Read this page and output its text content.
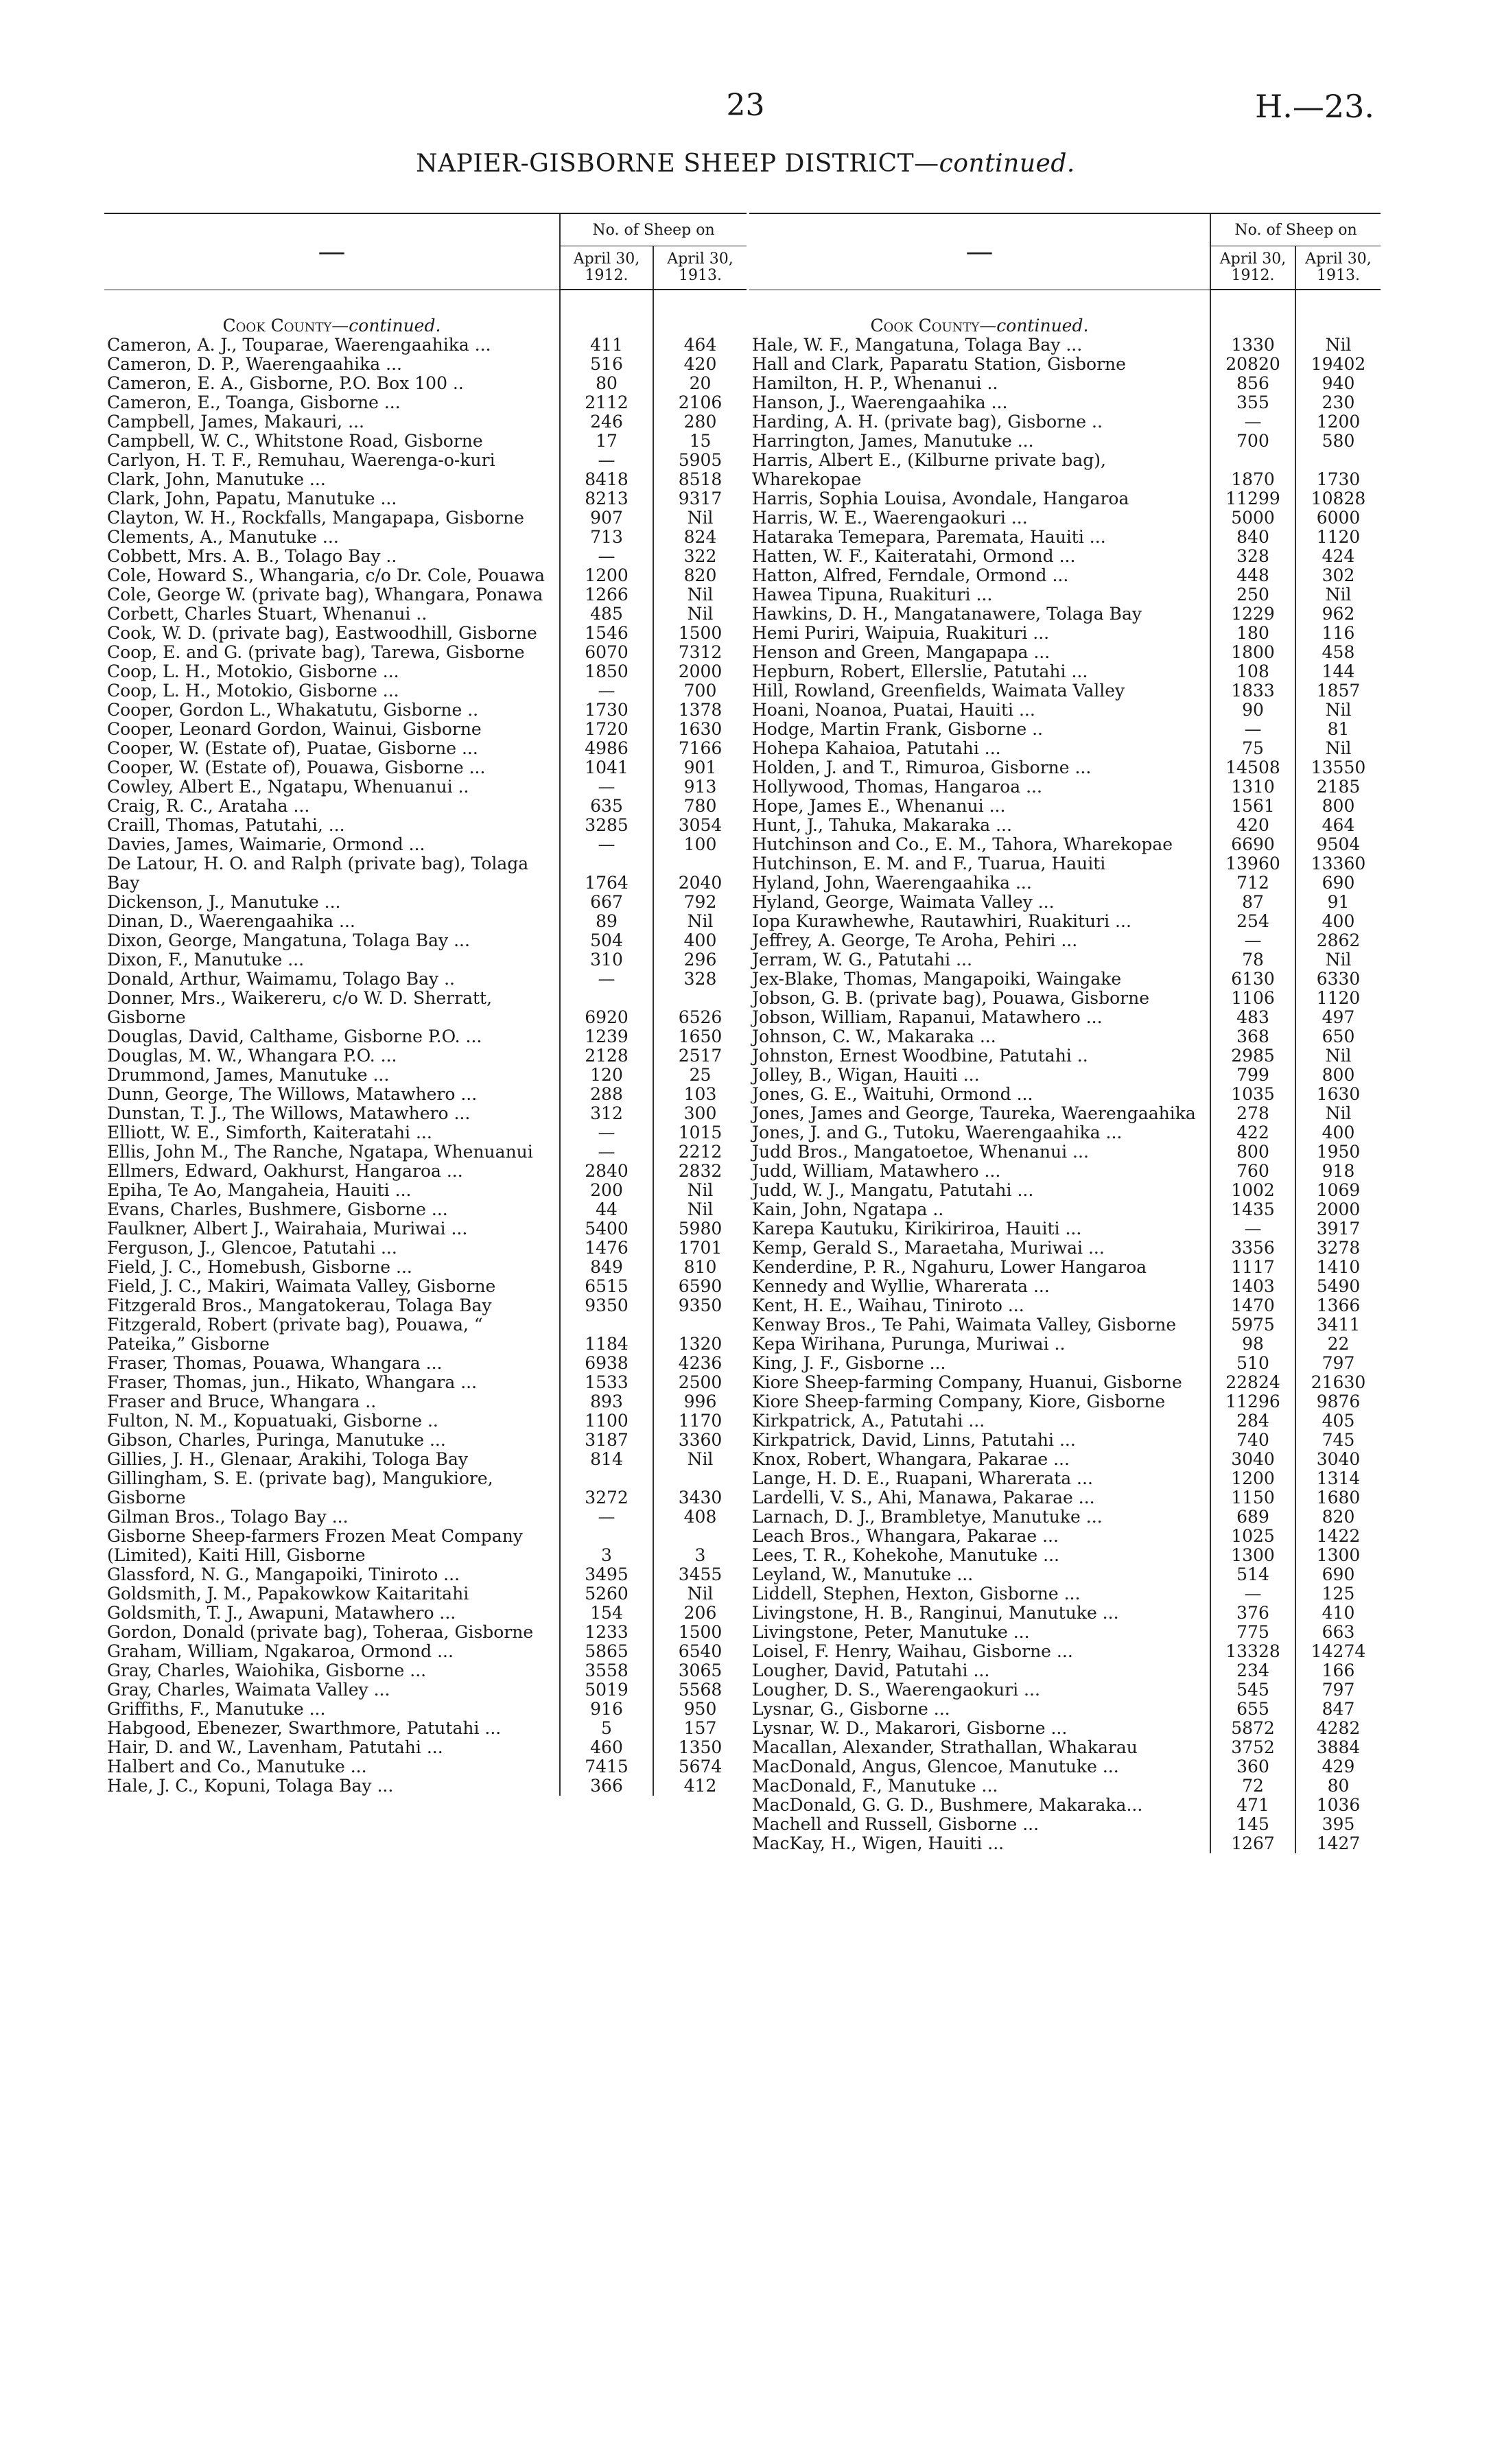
23	H.—23.
NAPIER-GISBORNE SHEEP DISTRICT—continued.
—	No. of Sheep on	
	April 30, 1912.	April 30, 1913.
Cook County—continued.		
Cameron, A. J., Touparae, Waerengaahika ...	411	464
Cameron, D. P., Waerengaahika ...	516	420
Cameron, E. A., Gisborne, P.O. Box 100 ..	80	20
Cameron, E., Toanga, Gisborne ...	2112	2106
Campbell, James, Makauri, ...	246	280
Campbell, W. C., Whitstone Road, Gisborne	17	15
Carlyon, H. T. F., Remuhau, Waerenga-o-kuri	—	5905
Clark, John, Manutuke ...	8418	8518
Clark, John, Papatu, Manutuke ...	8213	9317
Clayton, W. H., Rockfalls, Mangapapa, Gisborne	907	Nil
Clements, A., Manutuke ...	713	824
Cobbett, Mrs. A. B., Tolago Bay ..	—	322
Cole, Howard S., Whangaria, c/o Dr. Cole, Pouawa	1200	820
Cole, George W. (private bag), Whangara, Ponawa	1266	Nil
Corbett, Charles Stuart, Whenanui ..	485	Nil
Cook, W. D. (private bag), Eastwoodhill, Gisborne	1546	1500
Coop, E. and G. (private bag), Tarewa, Gisborne	6070	7312
Coop, L. H., Motokio, Gisborne ...	1850	2000
Coop, L. H., Motokio, Gisborne ...	—	700
Cooper, Gordon L., Whakatutu, Gisborne ..	1730	1378
Cooper, Leonard Gordon, Wainui, Gisborne	1720	1630
Cooper, W. (Estate of), Puatae, Gisborne ...	4986	7166
Cooper, W. (Estate of), Pouawa, Gisborne ...	1041	901
Cowley, Albert E., Ngatapu, Whenuanui ..	—	913
Craig, R. C., Arataha ...	635	780
Craill, Thomas, Patutahi, ...	3285	3054
Davies, James, Waimarie, Ormond ...	—	100
De Latour, H. O. and Ralph (private bag), Tolaga Bay	1764	2040
Dickenson, J., Manutuke ...	667	792
Dinan, D., Waerengaahika ...	89	Nil
Dixon, George, Mangatuna, Tolaga Bay ...	504	400
Dixon, F., Manutuke ...	310	296
Donald, Arthur, Waimamu, Tolago Bay ..	—	328
Donner, Mrs., Waikereru, c/o W. D. Sherratt, Gisborne	6920	6526
Douglas, David, Calthame, Gisborne P.O. ...	1239	1650
Douglas, M. W., Whangara P.O. ...	2128	2517
Drummond, James, Manutuke ...	120	25
Dunn, George, The Willows, Matawhero ...	288	103
Dunstan, T. J., The Willows, Matawhero ...	312	300
Elliott, W. E., Simforth, Kaiteratahi ...	—	1015
Ellis, John M., The Ranche, Ngatapa, Whenuanui	—	2212
Ellmers, Edward, Oakhurst, Hangaroa ...	2840	2832
Epiha, Te Ao, Mangaheia, Hauiti ...	200	Nil
Evans, Charles, Bushmere, Gisborne ...	44	Nil
Faulkner, Albert J., Wairahaia, Muriwai ...	5400	5980
Ferguson, J., Glencoe, Patutahi ...	1476	1701
Field, J. C., Homebush, Gisborne ...	849	810
Field, J. C., Makiri, Waimata Valley, Gisborne	6515	6590
Fitzgerald Bros., Mangatokerau, Tolaga Bay	9350	9350
Fitzgerald, Robert (private bag), Pouawa, “ Pateika,” Gisborne	1184	1320
Fraser, Thomas, Pouawa, Whangara ...	6938	4236
Fraser, Thomas, jun., Hikato, Whangara ...	1533	2500
Fraser and Bruce, Whangara ..	893	996
Fulton, N. M., Kopuatuaki, Gisborne ..	1100	1170
Gibson, Charles, Puringa, Manutuke ...	3187	3360
Gillies, J. H., Glenaar, Arakihi, Tologa Bay	814	Nil
Gillingham, S. E. (private bag), Mangukiore, Gisborne	3272	3430
Gilman Bros., Tolago Bay ...	—	408
Gisborne Sheep-farmers Frozen Meat Company (Limited), Kaiti Hill, Gisborne	3	3
Glassford, N. G., Mangapoiki, Tiniroto ...	3495	3455
Goldsmith, J. M., Papakowkow Kaitaritahi	5260	Nil
Goldsmith, T. J., Awapuni, Matawhero ...	154	206
Gordon, Donald (private bag), Toheraa, Gisborne	1233	1500
Graham, William, Ngakaroa, Ormond ...	5865	6540
Gray, Charles, Waiohika, Gisborne ...	3558	3065
Gray, Charles, Waimata Valley ...	5019	5568
Griffiths, F., Manutuke ...	916	950
Habgood, Ebenezer, Swarthmore, Patutahi ...	5	157
Hair, D. and W., Lavenham, Patutahi ...	460	1350
Halbert and Co., Manutuke ...	7415	5674
Hale, J. C., Kopuni, Tolaga Bay ...	366	412
—	No. of Sheep on	
	April 30, 1912.	April 30, 1913.
Cook County—continued.		
Hale, W. F., Mangatuna, Tolaga Bay ...	1330	Nil
Hall and Clark, Paparatu Station, Gisborne	20820	19402
Hamilton, H. P., Whenanui ..	856	940
Hanson, J., Waerengaahika ...	355	230
Harding, A. H. (private bag), Gisborne ..	—	1200
Harrington, James, Manutuke ...	700	580
Harris, Albert E., (Kilburne private bag), Wharekopae	1870	1730
Harris, Sophia Louisa, Avondale, Hangaroa	11299	10828
Harris, W. E., Waerengaokuri ...	5000	6000
Hataraka Temepara, Paremata, Hauiti ...	840	1120
Hatten, W. F., Kaiteratahi, Ormond ...	328	424
Hatton, Alfred, Ferndale, Ormond ...	448	302
Hawea Tipuna, Ruakituri ...	250	Nil
Hawkins, D. H., Mangatanawere, Tolaga Bay	1229	962
Hemi Puriri, Waipuia, Ruakituri ...	180	116
Henson and Green, Mangapapa ...	1800	458
Hepburn, Robert, Ellerslie, Patutahi ...	108	144
Hill, Rowland, Greenfields, Waimata Valley	1833	1857
Hoani, Noanoa, Puatai, Hauiti ...	90	Nil
Hodge, Martin Frank, Gisborne ..	—	81
Hohepa Kahaioa, Patutahi ...	75	Nil
Holden, J. and T., Rimuroa, Gisborne ...	14508	13550
Hollywood, Thomas, Hangaroa ...	1310	2185
Hope, James E., Whenanui ...	1561	800
Hunt, J., Tahuka, Makaraka ...	420	464
Hutchinson and Co., E. M., Tahora, Wharekopae	6690	9504
Hutchinson, E. M. and F., Tuarua, Hauiti	13960	13360
Hyland, John, Waerengaahika ...	712	690
Hyland, George, Waimata Valley ...	87	91
Iopa Kurawhewhe, Rautawhiri, Ruakituri ...	254	400
Jeffrey, A. George, Te Aroha, Pehiri ...	—	2862
Jerram, W. G., Patutahi ...	78	Nil
Jex-Blake, Thomas, Mangapoiki, Waingake	6130	6330
Jobson, G. B. (private bag), Pouawa, Gisborne	1106	1120
Jobson, William, Rapanui, Matawhero ...	483	497
Johnson, C. W., Makaraka ...	368	650
Johnston, Ernest Woodbine, Patutahi ..	2985	Nil
Jolley, B., Wigan, Hauiti ...	799	800
Jones, G. E., Waituhi, Ormond ...	1035	1630
Jones, James and George, Taureka, Waerengaahika	278	Nil
Jones, J. and G., Tutoku, Waerengaahika ...	422	400
Judd Bros., Mangatoetoe, Whenanui ...	800	1950
Judd, William, Matawhero ...	760	918
Judd, W. J., Mangatu, Patutahi ...	1002	1069
Kain, John, Ngatapa ..	1435	2000
Karepa Kautuku, Kirikiriroa, Hauiti ...	—	3917
Kemp, Gerald S., Maraetaha, Muriwai ...	3356	3278
Kenderdine, P. R., Ngahuru, Lower Hangaroa	1117	1410
Kennedy and Wyllie, Wharerata ...	1403	5490
Kent, H. E., Waihau, Tiniroto ...	1470	1366
Kenway Bros., Te Pahi, Waimata Valley, Gisborne	5975	3411
Kepa Wirihana, Purunga, Muriwai ..	98	22
King, J. F., Gisborne ...	510	797
Kiore Sheep-farming Company, Huanui, Gisborne	22824	21630
Kiore Sheep-farming Company, Kiore, Gisborne	11296	9876
Kirkpatrick, A., Patutahi ...	284	405
Kirkpatrick, David, Linns, Patutahi ...	740	745
Knox, Robert, Whangara, Pakarae ...	3040	3040
Lange, H. D. E., Ruapani, Wharerata ...	1200	1314
Lardelli, V. S., Ahi, Manawa, Pakarae ...	1150	1680
Larnach, D. J., Brambletye, Manutuke ...	689	820
Leach Bros., Whangara, Pakarae ...	1025	1422
Lees, T. R., Kohekohe, Manutuke ...	1300	1300
Leyland, W., Manutuke ...	514	690
Liddell, Stephen, Hexton, Gisborne ...	—	125
Livingstone, H. B., Ranginui, Manutuke ...	376	410
Livingstone, Peter, Manutuke ...	775	663
Loisel, F. Henry, Waihau, Gisborne ...	13328	14274
Lougher, David, Patutahi ...	234	166
Lougher, D. S., Waerengaokuri ...	545	797
Lysnar, G., Gisborne ...	655	847
Lysnar, W. D., Makarori, Gisborne ...	5872	4282
Macallan, Alexander, Strathallan, Whakarau	3752	3884
MacDonald, Angus, Glencoe, Manutuke ...	360	429
MacDonald, F., Manutuke ...	72	80
MacDonald, G. G. D., Bushmere, Makaraka...	471	1036
Machell and Russell, Gisborne ...	145	395
MacKay, H., Wigen, Hauiti ...	1267	1427
